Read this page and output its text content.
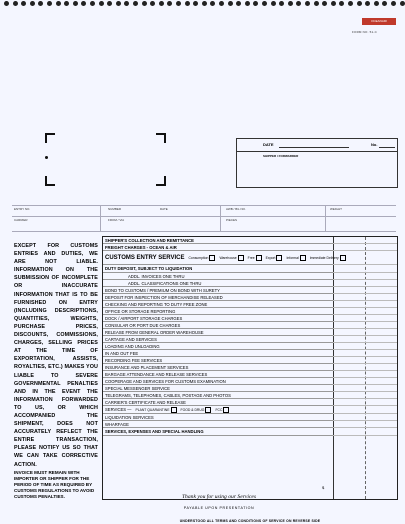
OCEANAIR
FORM NO. 51-C
DATE	No.
SHIPPER / FORWARDER
ENTRY NO.	NUMBER	DATE	AWB / B/L NO.
CARRIER	FROM / VIA	PIECES
WEIGHT
EXCEPT FOR CUSTOMS ENTRIES AND DUTIES, WE ARE NOT LIABLE. INFORMATION ON THE SUBMISSION OF INCOMPLETE OR INACCURATE INFORMATION THAT IS TO BE FURNISHED ON ENTRY (INCLUDING DESCRIPTIONS, QUANTITIES, WEIGHTS, PURCHASE PRICES, DISCOUNTS, COMMISSIONS, CHARGES, SELLING PRICES AT THE TIME OF EXPORTATION, ASSISTS, ROYALTIES, ETC.) MAKES YOU LIABLE TO SEVERE GOVERNMENTAL PENALTIES AND IN THE EVENT THE INFORMATION FORWARDED TO US, OR WHICH ACCOMPANIED THE SHIPMENT, DOES NOT ACCURATELY REFLECT THE ENTIRE TRANSACTION, PLEASE NOTIFY US SO THAT WE CAN TAKE CORRECTIVE ACTION.
INVOICE MUST REMAIN WITH IMPORTER OR SHIPPER FOR THE PERIOD OF TIME AS REQUIRED BY CUSTOMS REGULATIONS TO AVOID CUSTOMS PENALTIES.
SHIPPER'S COLLECTION AND REMITTANCE
FREIGHT CHARGES - OCEAN & AIR
CUSTOMS ENTRY SERVICE Consumption	Warehouse	Free	Export	Informal	Immediate Delivery
DUTY DEPOSIT, SUBJECT TO LIQUIDATION
ADDL. INVOICES ONE THRU
ADDL. CLASSIFICATIONS ONE THRU
BOND TO CUSTOMS / PREMIUM ON BOND WITH SURETY
DEPOSIT FOR INSPECTION OF MERCHANDISE RELEASED
CHECKING AND REPORTING TO DUTY FREE ZONE
OFFICE OR STORAGE REPORTING
DOCK / AIRPORT STORAGE CHARGES
CONSULAR OR PORT DUE CHARGES
RELEASE FROM GENERAL ORDER WAREHOUSE
CARTAGE AND SERVICES
LOADING AND UNLOADING
IN AND OUT FEE
RECORDING FEE SERVICES
INSURANCE AND PLACEMENT SERVICES
BARGAGE ATTENDANCE AND RELEASE SERVICES
COOPERAGE AND SERVICES FOR CUSTOMS EXAMINATION
SPECIAL MESSENGER SERVICE
TELEGRAMS, TELEPHONES, CABLES, POSTAGE AND PHOTOS
CARRIER'S CERTIFICATE AND RELEASE
SERVICES — PLANT QUARANTINE	FOOD & DRUG	FCC
LIQUIDATION SERVICES
WHARFAGE
SERVICES, EXPENSES AND SPECIAL HANDLING
$
Thank you for using our Services
PAYABLE UPON PRESENTATION
UNDERSTOOD ALL TERMS AND CONDITIONS OF SERVICE ON REVERSE SIDE
